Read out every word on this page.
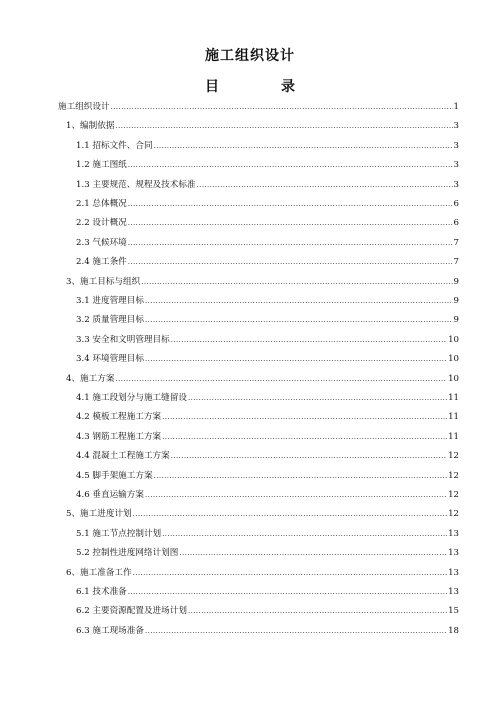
施工组织设计
目　录
施工组织设计 .....	1
1、编制依据 .....	3
1.1 招标文件、合同 .....	3
1.2 施工图纸 .....	3
1.3 主要规范、规程及技术标准 .....	3
2.1 总体概况 .....	6
2.2 设计概况 .....	6
2.3 气候环境 .....	7
2.4 施工条件 .....	7
3、施工目标与组织 .....	9
3.1 进度管理目标 .....	9
3.2 质量管理目标 .....	9
3.3 安全和文明管理目标 .....	10
3.4 环境管理目标 .....	10
4、施工方案 .....	10
4.1 施工段划分与施工缝留设 .....	11
4.2 模板工程施工方案 .....	11
4.3 钢筋工程施工方案 .....	11
4.4 混凝土工程施工方案 .....	12
4.5 脚手架施工方案 .....	12
4.6 垂直运输方案 .....	12
5、施工进度计划 .....	12
5.1 施工节点控制计划 .....	13
5.2 控制性进度网络计划图 .....	13
6、施工准备工作 .....	13
6.1 技术准备 .....	13
6.2 主要资源配置及进场计划 .....	15
6.3 施工现场准备 .....	18
